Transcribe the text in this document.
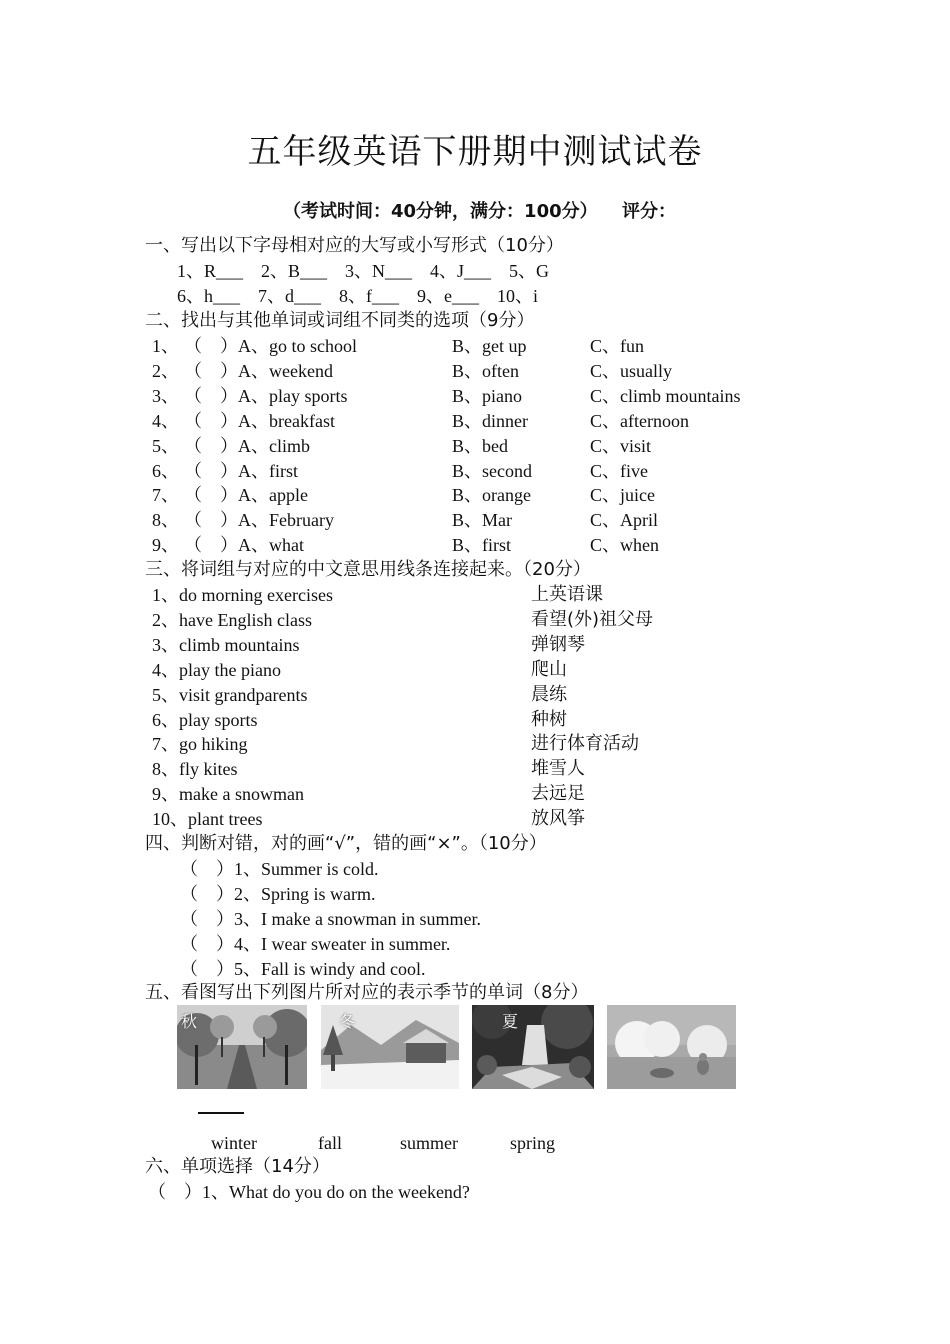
五年级英语下册期中测试试卷
（考试时间：40分钟，满分：100分） 评分：
一、写出以下字母相对应的大写或小写形式（10分）
1、R___    2、B___    3、N___    4、J___    5、G
6、h___    7、d___    8、f___    9、e___    10、i
二、找出与其他单词或词组不同类的选项（9分）
1、 （    ） A、go to school	B、get up	C、fun
2、 （    ） A、weekend	B、often	C、usually
3、 （    ） A、play sports	B、piano	C、climb mountains
4、 （    ） A、breakfast	B、dinner	C、afternoon
5、 （    ） A、climb	B、bed	C、visit
6、 （    ） A、first	B、second	C、five
7、 （    ） A、apple	B、orange	C、juice
8、 （    ） A、February	B、Mar	C、April
9、 （    ） A、what	B、first	C、when
三、将词组与对应的中文意思用线条连接起来。（20分）
1、do morning exercises	上英语课
2、have English class	看望(外)祖父母
3、climb mountains	弹钢琴
4、play the piano	爬山
5、visit grandparents	晨练
6、play sports	种树
7、go hiking	进行体育活动
8、fly kites	堆雪人
9、make a snowman	去远足
10、plant trees	放风筝
四、判断对错，对的画“√”，错的画“×”。（10分）
（    ）1、Summer is cold.
（    ）2、Spring is warm.
（    ）3、I make a snowman in summer.
（    ）4、I wear sweater in summer.
（    ）5、Fall is windy and cool.
五、看图写出下列图片所对应的表示季节的单词（8分）
秋	冬	夏
winter	fall	summer	spring
六、单项选择（14分）
（    ）1、What do you do on the weekend?
